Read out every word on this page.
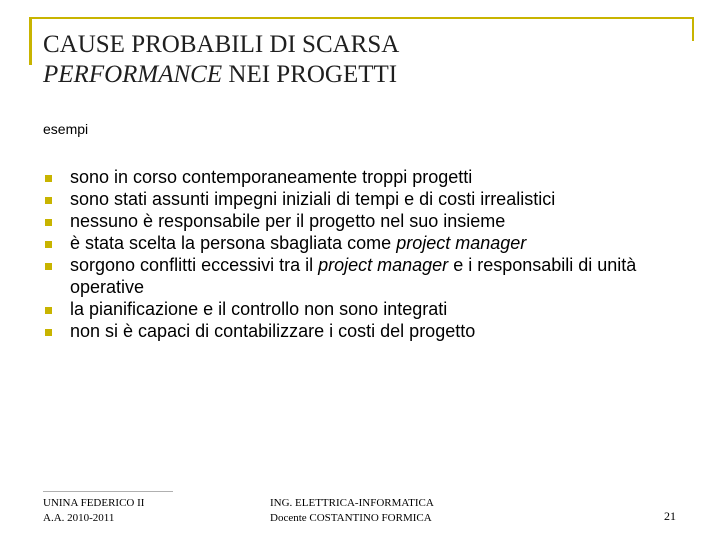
CAUSE PROBABILI DI SCARSA
PERFORMANCE NEI PROGETTI
esempi
sono in corso contemporaneamente troppi progetti
sono stati assunti impegni iniziali di tempi e di costi irrealistici
nessuno è responsabile per il progetto nel suo insieme
è stata scelta la persona sbagliata come project manager
sorgono conflitti eccessivi tra il project manager e i responsabili di unità operative
la pianificazione e il controllo non sono integrati
non si è capaci di contabilizzare i costi del progetto
UNINA FEDERICO II
A.A. 2010-2011
ING. ELETTRICA-INFORMATICA
Docente COSTANTINO FORMICA	21
